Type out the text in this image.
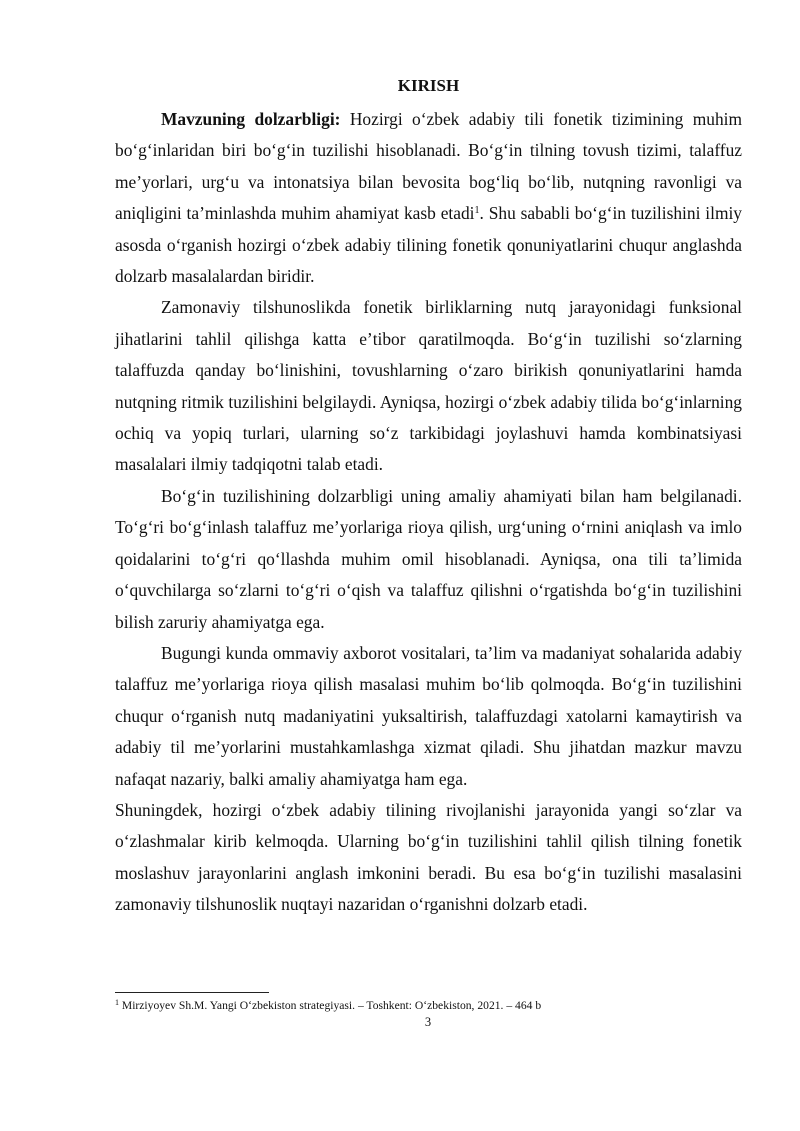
KIRISH

Mavzuning dolzarbligi: Hozirgi oʻzbek adabiy tili fonetik tizimining muhim boʻgʻinlaridan biri boʻgʻin tuzilishi hisoblanadi. Boʻgʻin tilning tovush tizimi, talaffuz meʼyorlari, urgʻu va intonatsiya bilan bevosita bogʻliq boʻlib, nutqning ravonligi va aniqligini taʼminlashda muhim ahamiyat kasb etadi$^1$. Shu sababli boʻgʻin tuzilishini ilmiy asosda oʻrganish hozirgi oʻzbek adabiy tilining fonetik qonuniyatlarini chuqur anglashda dolzarb masalalardan biridir.

Zamonaviy tilshunoslikda fonetik birliklarning nutq jarayonidagi funksional jihatlarini tahlil qilishga katta eʼtibor qaratilmoqda. Boʻgʻin tuzilishi soʻzlarning talaffuzda qanday boʻlinishini, tovushlarning oʻzaro birikish qonuniyatlarini hamda nutqning ritmik tuzilishini belgilaydi. Ayniqsa, hozirgi oʻzbek adabiy tilida boʻgʻinlarning ochiq va yopiq turlari, ularning soʻz tarkibidagi joylashuvi hamda kombinatsiyasi masalalari ilmiy tadqiqotni talab etadi.

Boʻgʻin tuzilishining dolzarbligi uning amaliy ahamiyati bilan ham belgilanadi. Toʻgʻri boʻgʻinlash talaffuz meʼyorlariga rioya qilish, urgʻuning oʻrnini aniqlash va imlo qoidalarini toʻgʻri qoʻllashda muhim omil hisoblanadi. Ayniqsa, ona tili taʼlimida oʻquvchilarga soʻzlarni toʻgʻri oʻqish va talaffuz qilishni oʻrgatishda boʻgʻin tuzilishini bilish zaruriy ahamiyatga ega.

Bugungi kunda ommaviy axborot vositalari, taʼlim va madaniyat sohalarida adabiy talaffuz meʼyorlariga rioya qilish masalasi muhim boʻlib qolmoqda. Boʻgʻin tuzilishini chuqur oʻrganish nutq madaniyatini yuksaltirish, talaffuzdagi xatolarni kamaytirish va adabiy til meʼyorlarini mustahkamlashga xizmat qiladi. Shu jihatdan mazkur mavzu nafaqat nazariy, balki amaliy ahamiyatga ham ega.

Shuningdek, hozirgi oʻzbek adabiy tilining rivojlanishi jarayonida yangi soʻzlar va oʻzlashmalar kirib kelmoqda. Ularning boʻgʻin tuzilishini tahlil qilish tilning fonetik moslashuv jarayonlarini anglash imkonini beradi. Bu esa boʻgʻin tuzilishi masalasini zamonaviy tilshunoslik nuqtayi nazaridan oʻrganishni dolzarb etadi.

$^1$ Mirziyoyev Sh.M. Yangi Oʻzbekiston strategiyasi. – Toshkent: Oʻzbekiston, 2021. – 464 b
3
